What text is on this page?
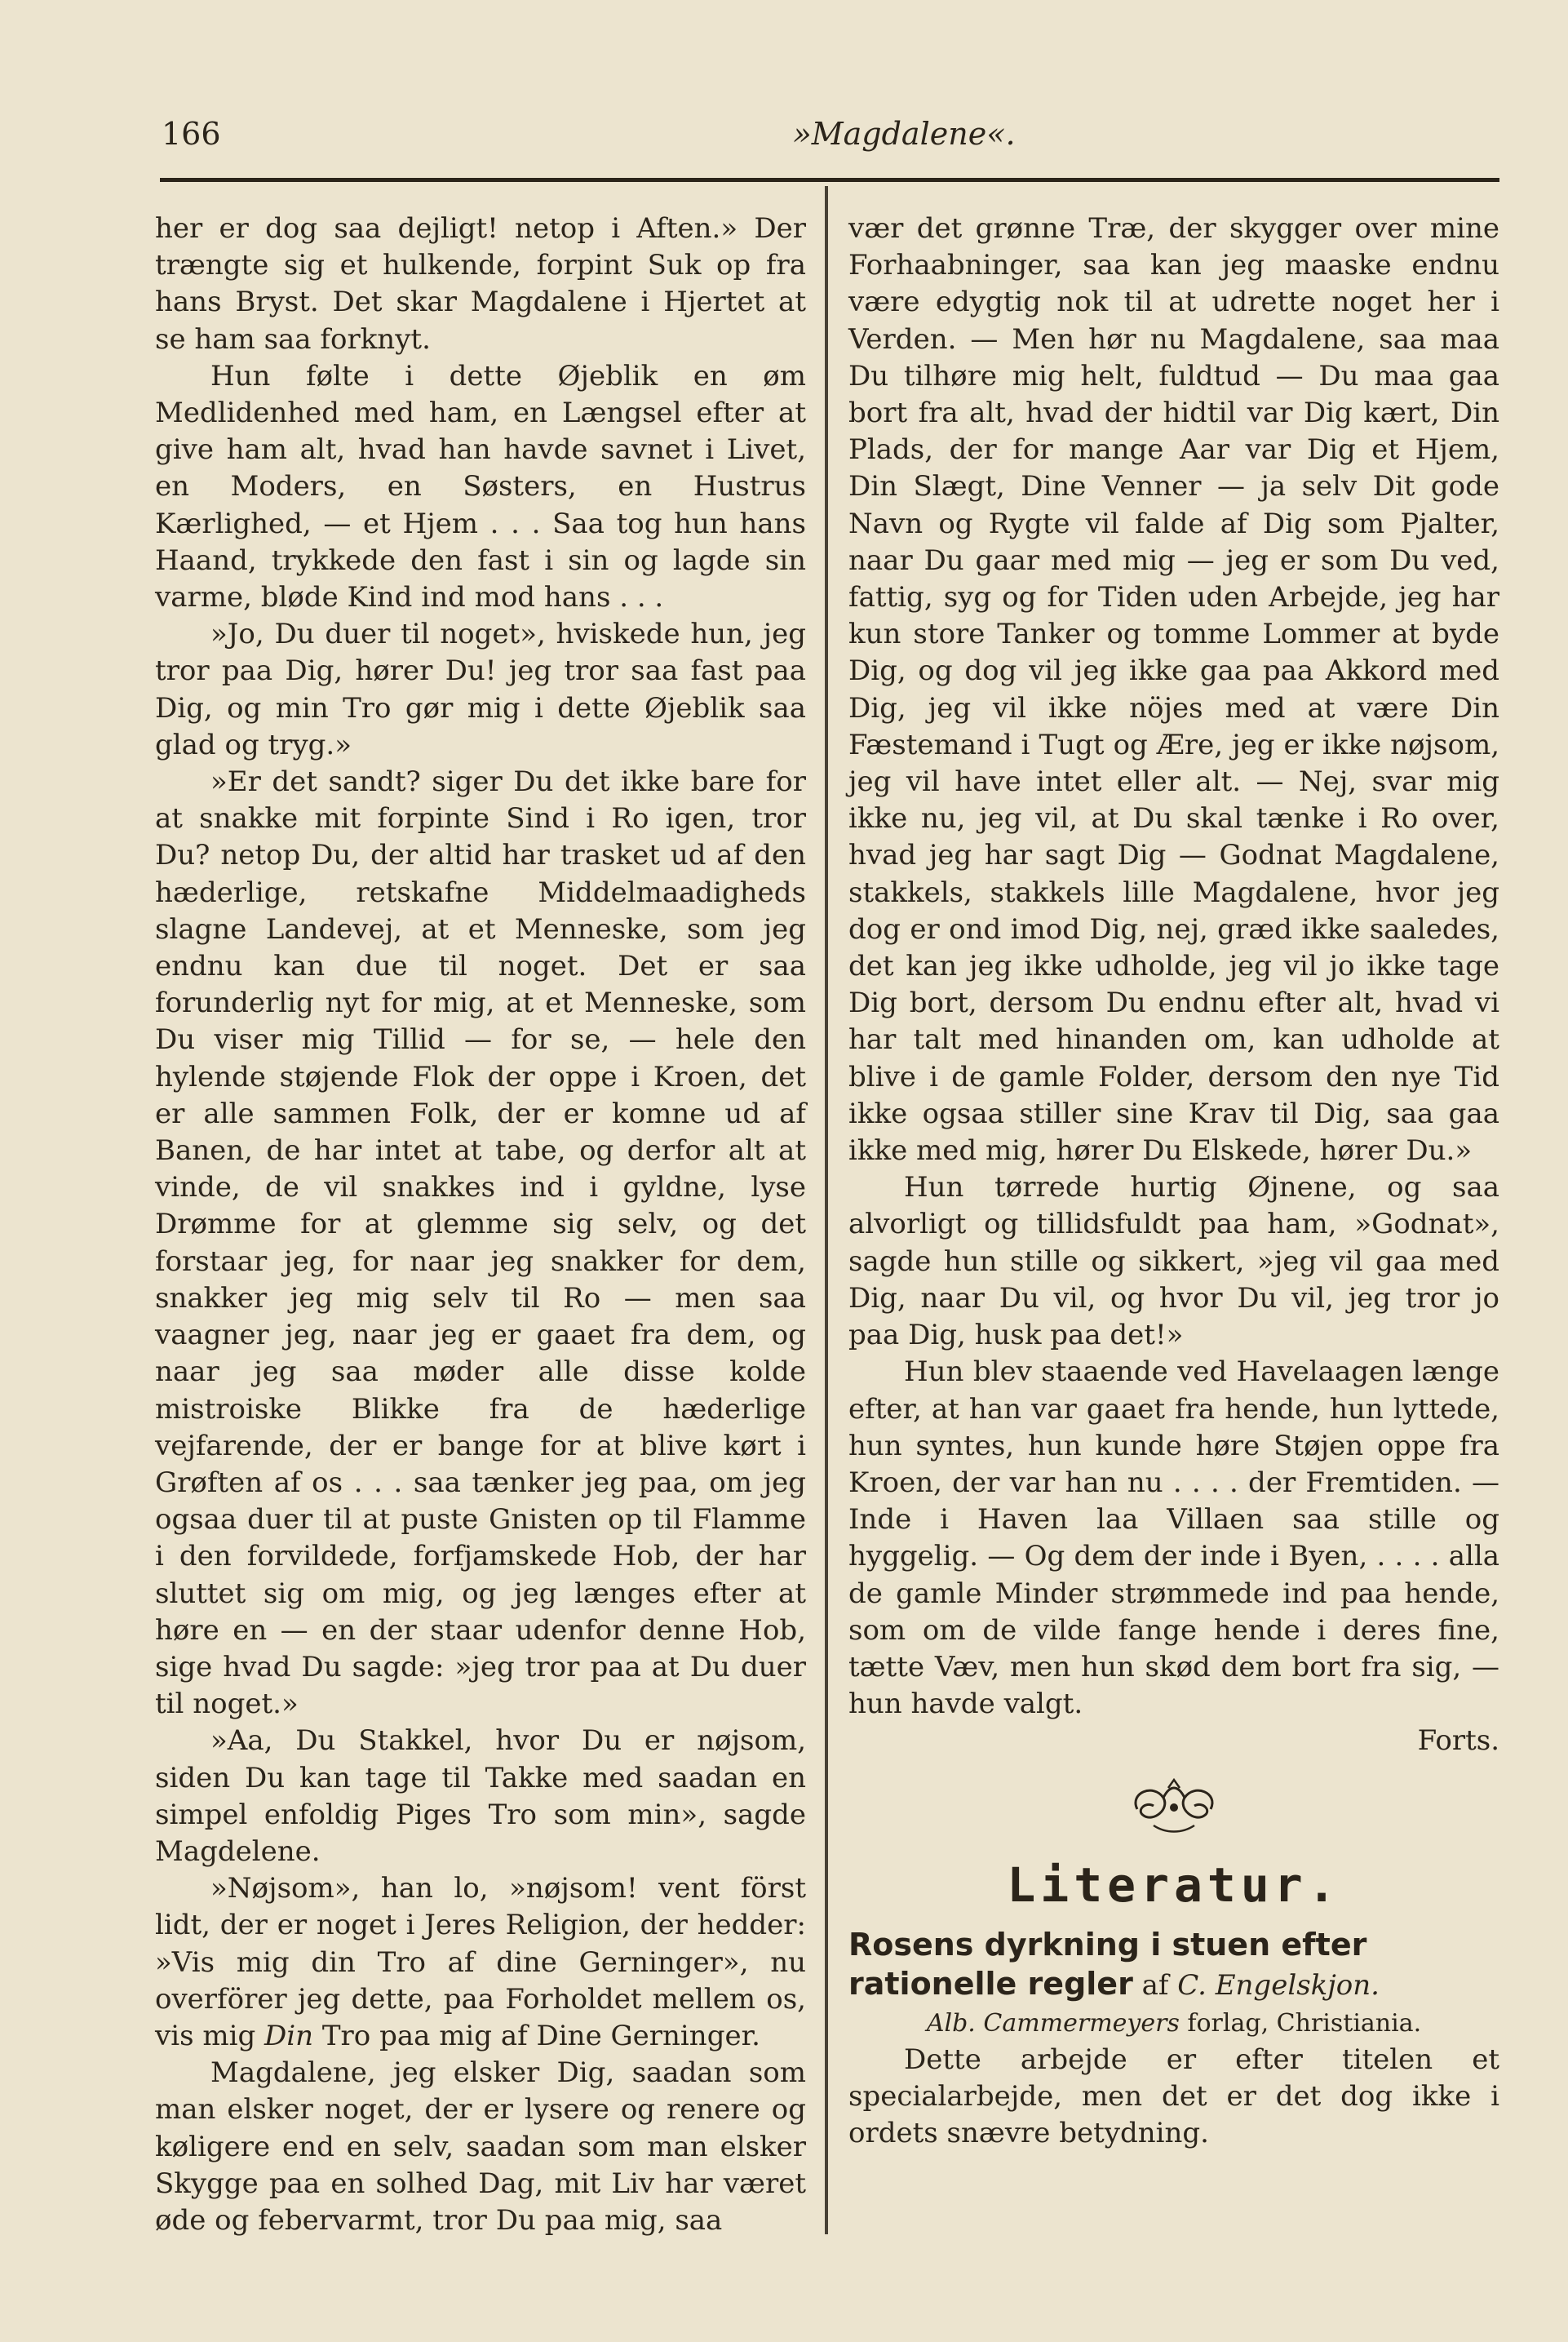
166	»Magdalene«.

her er dog saa dejligt! netop i Aften.» Der trængte sig et hulkende, forpint Suk op fra hans Bryst. Det skar Magdalene i Hjertet at se ham saa forknyt.

Hun følte i dette Øjeblik en øm Medlidenhed med ham, en Længsel efter at give ham alt, hvad han havde savnet i Livet, en Moders, en Søsters, en Hustrus Kærlighed, — et Hjem . . . Saa tog hun hans Haand, trykkede den fast i sin og lagde sin varme, bløde Kind ind mod hans . . .

»Jo, Du duer til noget», hviskede hun, jeg tror paa Dig, hører Du! jeg tror saa fast paa Dig, og min Tro gør mig i dette Øjeblik saa glad og tryg.»

»Er det sandt? siger Du det ikke bare for at snakke mit forpinte Sind i Ro igen, tror Du? netop Du, der altid har trasket ud af den hæderlige, retskafne Middelmaadigheds slagne Landevej, at et Menneske, som jeg endnu kan due til noget. Det er saa forunderlig nyt for mig, at et Menneske, som Du viser mig Tillid — for se, — hele den hylende støjende Flok der oppe i Kroen, det er alle sammen Folk, der er komne ud af Banen, de har intet at tabe, og derfor alt at vinde, de vil snakkes ind i gyldne, lyse Drømme for at glemme sig selv, og det forstaar jeg, for naar jeg snakker for dem, snakker jeg mig selv til Ro — men saa vaagner jeg, naar jeg er gaaet fra dem, og naar jeg saa møder alle disse kolde mistroiske Blikke fra de hæderlige vejfarende, der er bange for at blive kørt i Grøften af os . . . saa tænker jeg paa, om jeg ogsaa duer til at puste Gnisten op til Flamme i den forvildede, forfjamskede Hob, der har sluttet sig om mig, og jeg længes efter at høre en — en der staar udenfor denne Hob, sige hvad Du sagde: »jeg tror paa at Du duer til noget.»

»Aa, Du Stakkel, hvor Du er nøjsom, siden Du kan tage til Takke med saadan en simpel enfoldig Piges Tro som min», sagde Magdelene.

»Nøjsom», han lo, »nøjsom! vent först lidt, der er noget i Jeres Religion, der hedder: »Vis mig din Tro af dine Gerninger», nu overförer jeg dette, paa Forholdet mellem os, vis mig Din Tro paa mig af Dine Gerninger.

Magdalene, jeg elsker Dig, saadan som man elsker noget, der er lysere og renere og køligere end en selv, saadan som man elsker Skygge paa en solhed Dag, mit Liv har været øde og febervarmt, tror Du paa mig, saa

vær det grønne Træ, der skygger over mine Forhaabninger, saa kan jeg maaske endnu være edygtig nok til at udrette noget her i Verden. — Men hør nu Magdalene, saa maa Du tilhøre mig helt, fuldtud — Du maa gaa bort fra alt, hvad der hidtil var Dig kært, Din Plads, der for mange Aar var Dig et Hjem, Din Slægt, Dine Venner — ja selv Dit gode Navn og Rygte vil falde af Dig som Pjalter, naar Du gaar med mig — jeg er som Du ved, fattig, syg og for Tiden uden Arbejde, jeg har kun store Tanker og tomme Lommer at byde Dig, og dog vil jeg ikke gaa paa Akkord med Dig, jeg vil ikke nöjes med at være Din Fæstemand i Tugt og Ære, jeg er ikke nøjsom, jeg vil have intet eller alt. — Nej, svar mig ikke nu, jeg vil, at Du skal tænke i Ro over, hvad jeg har sagt Dig — Godnat Magdalene, stakkels, stakkels lille Magdalene, hvor jeg dog er ond imod Dig, nej, græd ikke saaledes, det kan jeg ikke udholde, jeg vil jo ikke tage Dig bort, dersom Du endnu efter alt, hvad vi har talt med hinanden om, kan udholde at blive i de gamle Folder, dersom den nye Tid ikke ogsaa stiller sine Krav til Dig, saa gaa ikke med mig, hører Du Elskede, hører Du.»

Hun tørrede hurtig Øjnene, og saa alvorligt og tillidsfuldt paa ham, »Godnat», sagde hun stille og sikkert, »jeg vil gaa med Dig, naar Du vil, og hvor Du vil, jeg tror jo paa Dig, husk paa det!»

Hun blev staaende ved Havelaagen længe efter, at han var gaaet fra hende, hun lyttede, hun syntes, hun kunde høre Støjen oppe fra Kroen, der var han nu . . . . der Fremtiden. — Inde i Haven laa Villaen saa stille og hyggelig. — Og dem der inde i Byen, . . . . alla de gamle Minder strømmede ind paa hende, som om de vilde fange hende i deres fine, tætte Væv, men hun skød dem bort fra sig, — hun havde valgt.

Forts.

Literatur.

Rosens dyrkning i stuen efter rationelle regler af C. Engelskjon.

Alb. Cammermeyers forlag, Christiania.

Dette arbejde er efter titelen et specialarbejde, men det er det dog ikke i ordets snævre betydning.
